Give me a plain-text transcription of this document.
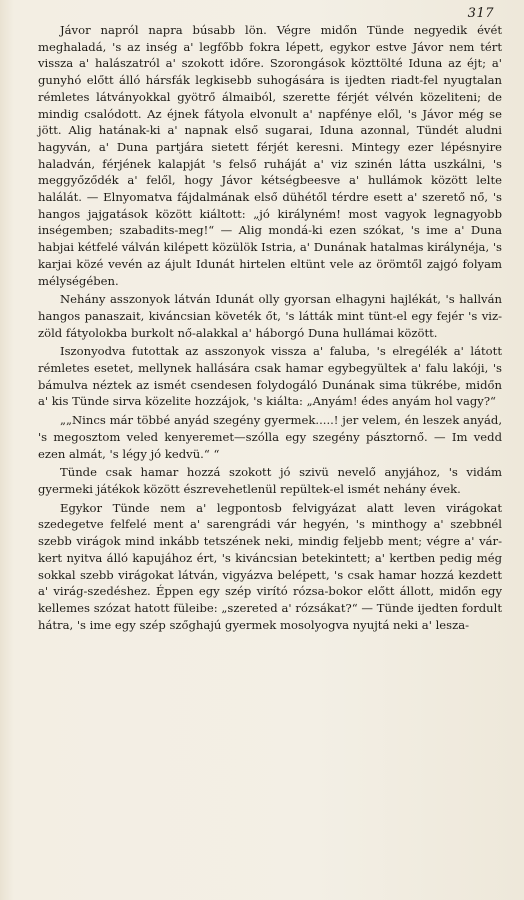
317

Jávor napról napra búsabb lön. Végre midőn Tünde negyedik évét meghaladá, 's az inség a' legfőbb fokra lépett, egykor estve Jávor nem tért vissza a' halászatról a' szokott időre. Szorongások közttölté Iduna az éjt; a' gunyhó előtt álló hársfák legkisebb suhogására is ijedten riadt-fel nyugtalan rémletes látványokkal gyötrő álmaiból, szerette férjét vélvén közeliteni; de mindig csalódott. Az éjnek fátyola elvonult a' napfénye elől, 's Jávor még se jött. Alig hatának-ki a' napnak első sugarai, Iduna azonnal, Tündét aludni hagyván, a' Duna partjára sietett férjét keresni. Mintegy ezer lépésnyire haladván, férjének kalapját 's felső ruháját a' viz szinén látta uszkálni, 's meggyőződék a' felől, hogy Jávor kétségbeesve a' hullámok között lelte halálát. — Elnyomatva fájdalmának első dühétől térdre esett a' szerető nő, 's hangos jajgatások között kiáltott: „jó királyném! most vagyok legnagyobb inségemben; szabadits-meg!“ — Alig mondá-ki ezen szókat, 's ime a' Duna habjai kétfelé válván kilépett közülök Istria, a' Dunának hatalmas királynéja, 's karjai közé vevén az ájult Idunát hirtelen eltünt vele az örömtől zajgó folyam mélységében.

Nehány asszonyok látván Idunát olly gyorsan elhagyni hajlékát, 's hallván hangos panaszait, kiváncsian követék őt, 's látták mint tünt-el egy fejér 's viz-zöld fátyolokba burkolt nő-alakkal a' háborgó Duna hullámai között.

Iszonyodva futottak az asszonyok vissza a' faluba, 's elregélék a' látott rémletes esetet, mellynek hallására csak hamar egybegyültek a' falu lakóji, 's bámulva néztek az ismét csendesen folydogáló Dunának sima tükrébe, midőn a' kis Tünde sirva közelite hozzájok, 's kiálta: „Anyám! édes anyám hol vagy?“

„„Nincs már többé anyád szegény gyermek.....! jer velem, én leszek anyád, 's megosztom veled kenyeremet—szólla egy szegény pásztornő. — Im vedd ezen almát, 's légy jó kedvü.“ “

Tünde csak hamar hozzá szokott jó szivü nevelő anyjához, 's vidám gyermeki játékok között észrevehetlenül repültek-el ismét nehány évek.

Egykor Tünde nem a' legpontosb felvigyázat alatt leven virágokat szedegetve felfelé ment a' sarengrádi vár hegyén, 's minthogy a' szebbnél szebb virágok mind inkább tetszének neki, mindig feljebb ment; végre a' vár-kert nyitva álló kapujához ért, 's kiváncsian betekintett; a' kertben pedig még sokkal szebb virágokat látván, vigyázva belépett, 's csak hamar hozzá kezdett a' virág-szedéshez. Éppen egy szép virító rózsa-bokor előtt állott, midőn egy kellemes szózat hatott füleibe: „szereted a' rózsákat?“ — Tünde ijedten fordult hátra, 's ime egy szép szőghajú gyermek mosolyogva nyujtá neki a' lesza-
